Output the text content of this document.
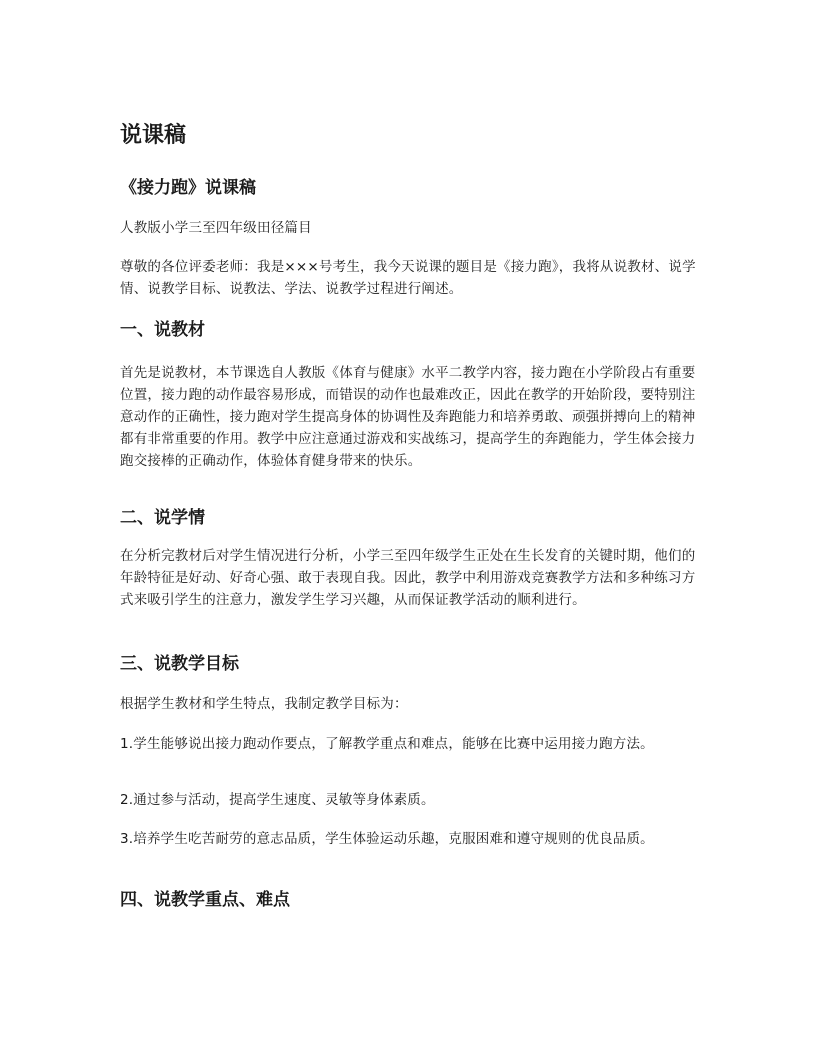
说课稿
《接力跑》说课稿

人教版小学三至四年级田径篇目

尊敬的各位评委老师：我是×××号考生，我今天说课的题目是《接力跑》，我将从说教材、说学情、说教学目标、说教法、学法、说教学过程进行阐述。

一、说教材

首先是说教材，本节课选自人教版《体育与健康》水平二教学内容，接力跑在小学阶段占有重要位置，接力跑的动作最容易形成，而错误的动作也最难改正，因此在教学的开始阶段，要特别注意动作的正确性，接力跑对学生提高身体的协调性及奔跑能力和培养勇敢、顽强拼搏向上的精神都有非常重要的作用。教学中应注意通过游戏和实战练习，提高学生的奔跑能力，学生体会接力跑交接棒的正确动作，体验体育健身带来的快乐。

二、说学情

在分析完教材后对学生情况进行分析，小学三至四年级学生正处在生长发育的关键时期，他们的年龄特征是好动、好奇心强、敢于表现自我。因此，教学中利用游戏竞赛教学方法和多种练习方式来吸引学生的注意力，激发学生学习兴趣，从而保证教学活动的顺利进行。

三、说教学目标

根据学生教材和学生特点，我制定教学目标为：

1.学生能够说出接力跑动作要点，了解教学重点和难点，能够在比赛中运用接力跑方法。

2.通过参与活动，提高学生速度、灵敏等身体素质。

3.培养学生吃苦耐劳的意志品质，学生体验运动乐趣，克服困难和遵守规则的优良品质。

四、说教学重点、难点
